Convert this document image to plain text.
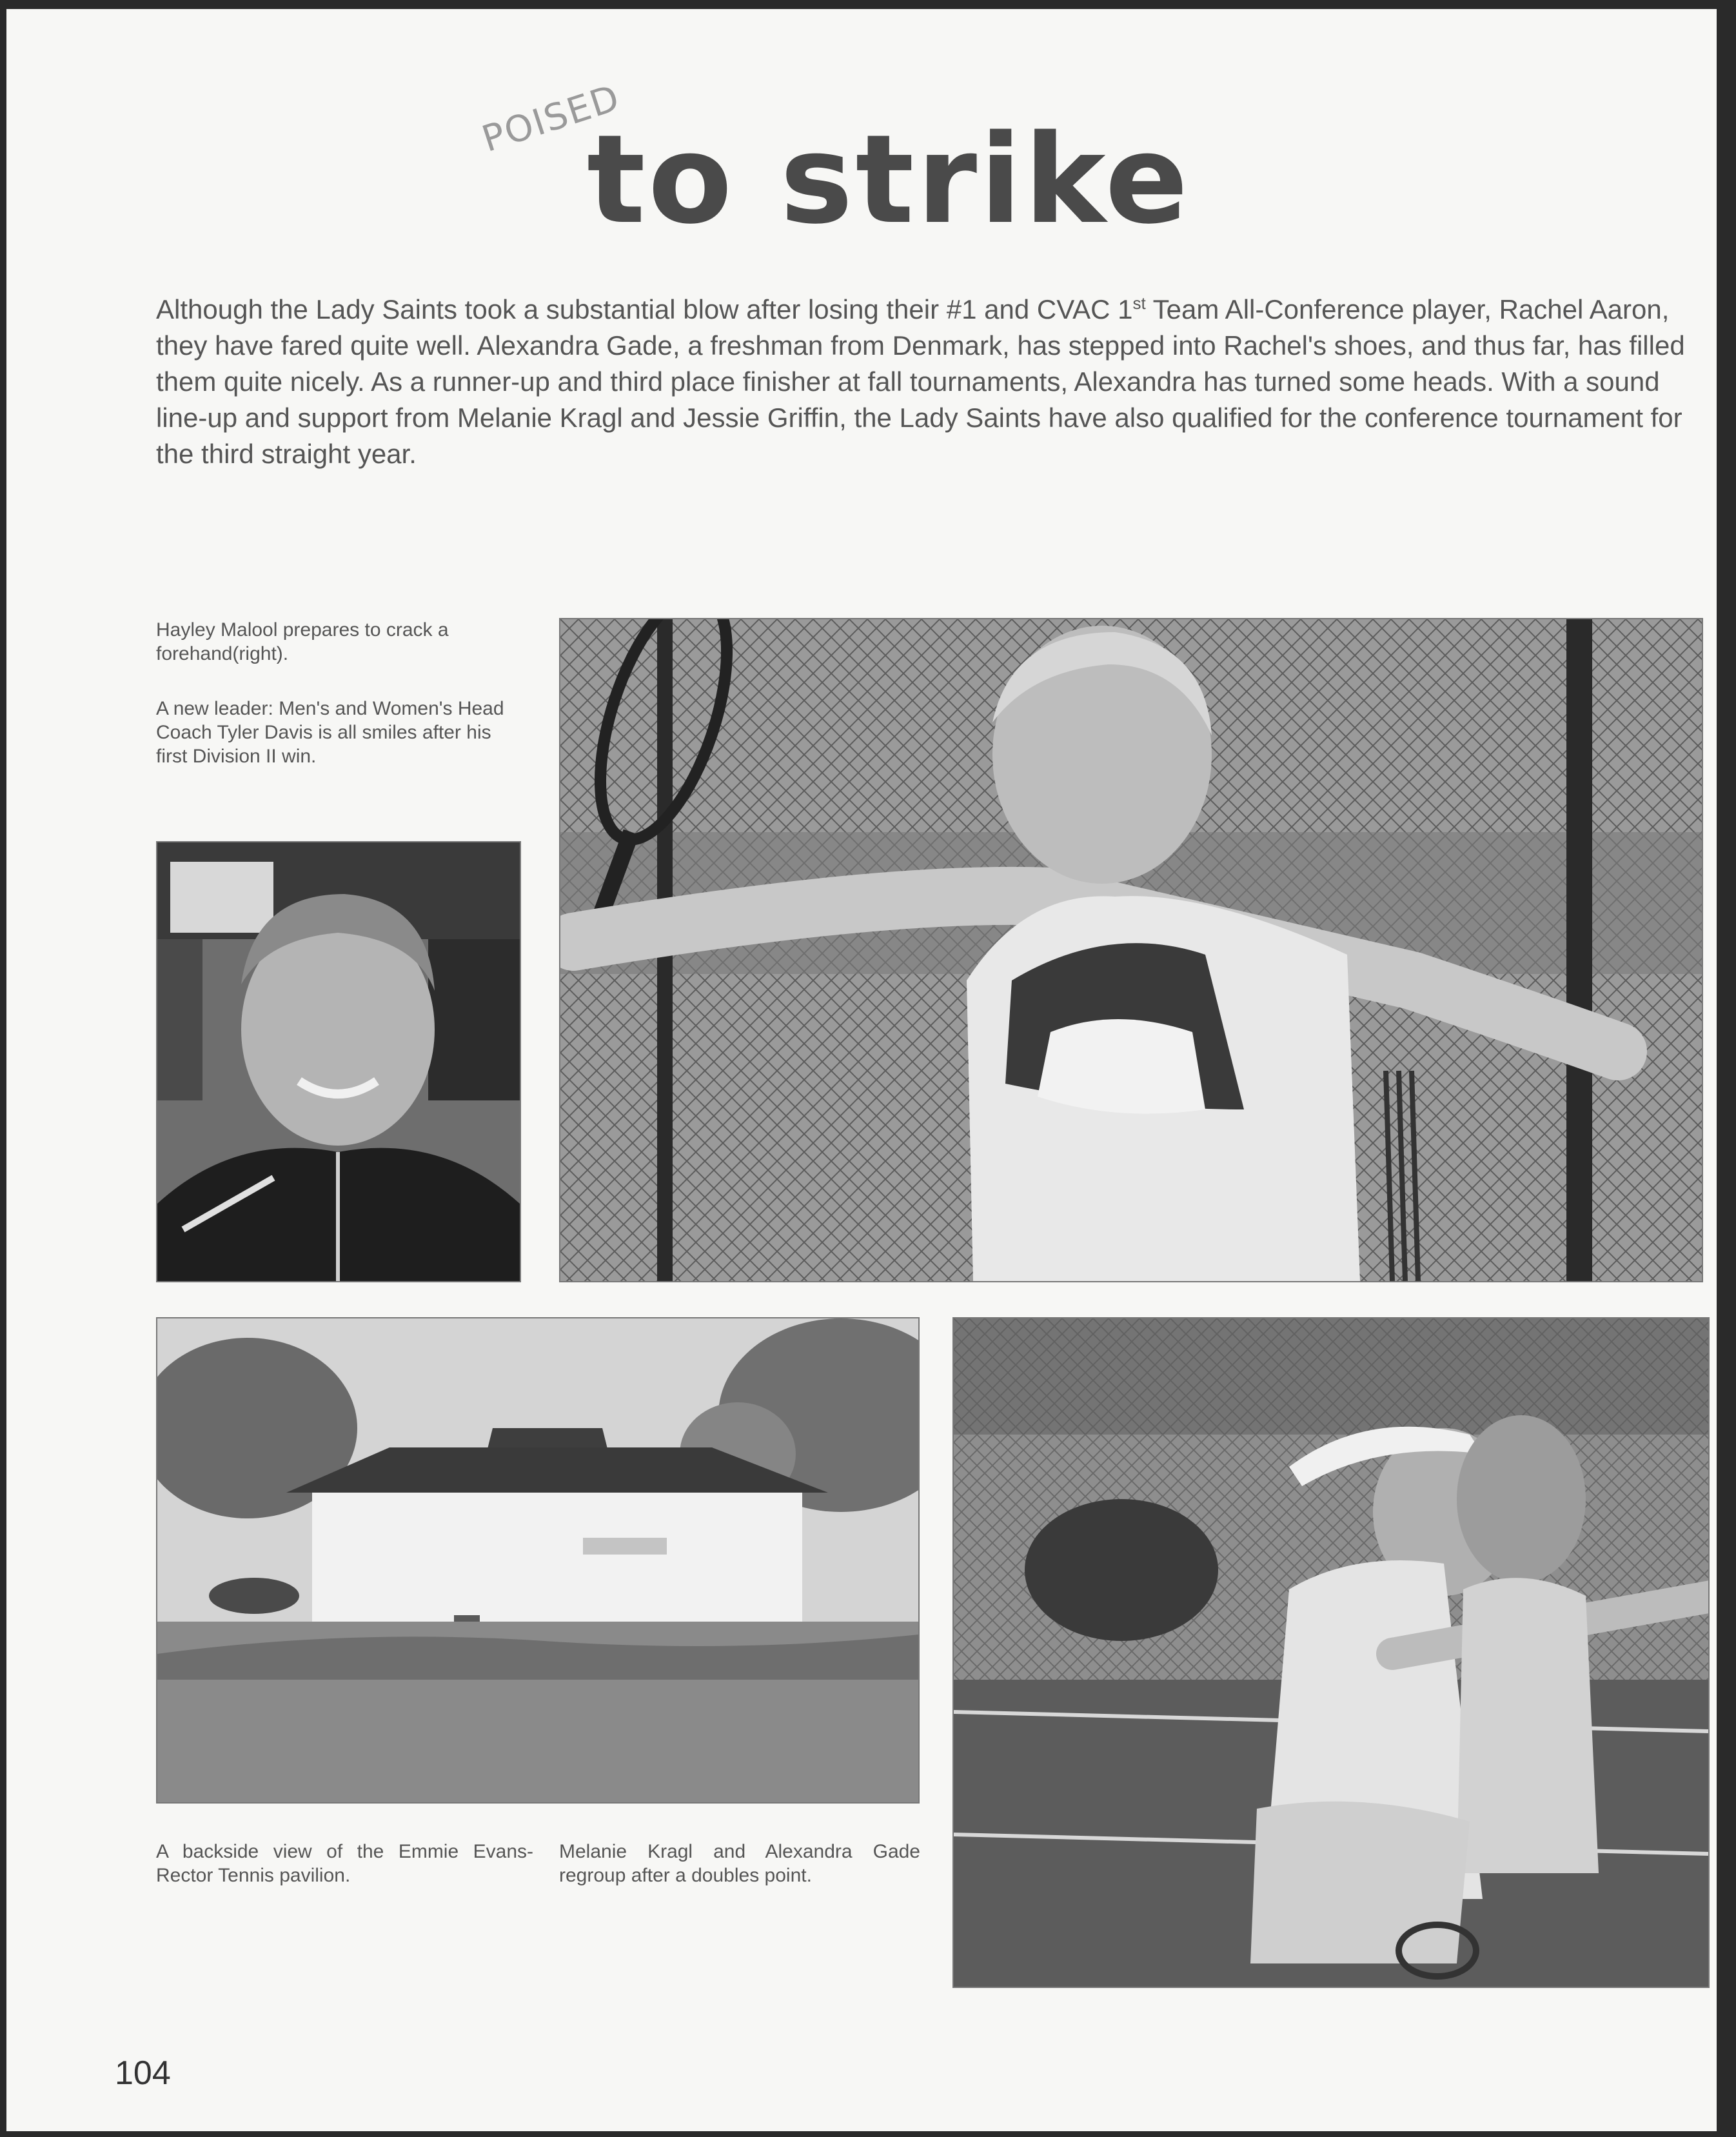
POISED
to strike

Although the Lady Saints took a substantial blow after losing their #1 and CVAC 1st Team All-Conference player, Rachel Aaron, they have fared quite well. Alexandra Gade, a freshman from Denmark, has stepped into Rachel's shoes, and thus far, has filled them quite nicely. As a runner-up and third place finisher at fall tournaments, Alexandra has turned some heads. With a sound line-up and support from Melanie Kragl and Jessie Griffin, the Lady Saints have also qualified for the conference tournament for the third straight year.

Hayley Malool prepares to crack a forehand(right).
A new leader: Men's and Women's Head Coach Tyler Davis is all smiles after his first Division II win.
A backside view of the Emmie Evans-Rector Tennis pavilion.
Melanie Kragl and Alexandra Gade regroup after a doubles point.
104
